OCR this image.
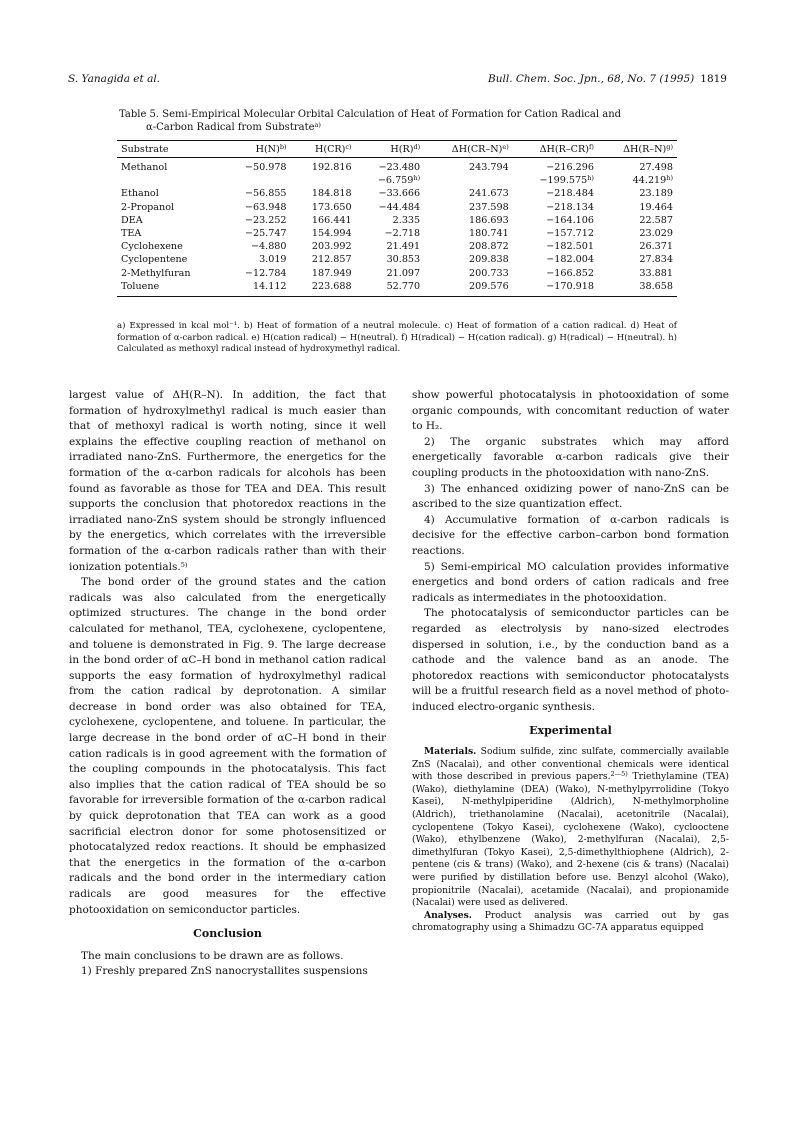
S. Yanagida et al.	Bull. Chem. Soc. Jpn., 68, No. 7 (1995) 1819
Table 5. Semi-Empirical Molecular Orbital Calculation of Heat of Formation for Cation Radical and
α-Carbon Radical from Substrate$^{a)}$
Substrate	$H(N)^{b)}$	H(CR)$^{c)}$	$H(R)^{d)}$	$\Delta H(CR-N)^{e)}$	$\Delta H(R-CR)^{f)}$	$\Delta H(R-N)^{g)}$
Methanol	−50.978	192.816	−23.480	243.794	−216.296	27.498
			$-6.759^{h)}$		$-199.575^{h)}$	44.219$^{h)}$
Ethanol	−56.855	184.818	−33.666	241.673	−218.484	23.189
2-Propanol	−63.948	173.650	−44.484	237.598	−218.134	19.464
DEA	−23.252	166.441	2.335	186.693	−164.106	22.587
TEA	−25.747	154.994	−2.718	180.741	−157.712	23.029
Cyclohexene	−4.880	203.992	21.491	208.872	−182.501	26.371
Cyclopentene	3.019	212.857	30.853	209.838	−182.004	27.834
2-Methylfuran	−12.784	187.949	21.097	200.733	−166.852	33.881
Toluene	14.112	223.688	52.770	209.576	−170.918	38.658

a) Expressed in kcal mol⁻¹. b) Heat of formation of a neutral molecule. c) Heat of formation of a cation radical. d) Heat of formation of α-carbon radical. e) H(cation radical) − H(neutral). f) H(radical) − H(cation radical). g) H(radical) − H(neutral). h) Calculated as methoxyl radical instead of hydroxymethyl radical.

largest value of ΔH(R–N). In addition, the fact that formation of hydroxylmethyl radical is much easier than that of methoxyl radical is worth noting, since it well explains the effective coupling reaction of methanol on irradiated nano-ZnS. Furthermore, the energetics for the formation of the α-carbon radicals for alcohols has been found as favorable as those for TEA and DEA. This result supports the conclusion that photoredox reactions in the irradiated nano-ZnS system should be strongly influenced by the energetics, which correlates with the irreversible formation of the α-carbon radicals rather than with their ionization potentials.$^{5)}$

The bond order of the ground states and the cation radicals was also calculated from the energetically optimized structures. The change in the bond order calculated for methanol, TEA, cyclohexene, cyclopentene, and toluene is demonstrated in Fig. 9. The large decrease in the bond order of αC–H bond in methanol cation radical supports the easy formation of hydroxylmethyl radical from the cation radical by deprotonation. A similar decrease in bond order was also obtained for TEA, cyclohexene, cyclopentene, and toluene. In particular, the large decrease in the bond order of αC–H bond in their cation radicals is in good agreement with the formation of the coupling compounds in the photocatalysis. This fact also implies that the cation radical of TEA should be so favorable for irreversible formation of the α-carbon radical by quick deprotonation that TEA can work as a good sacrificial electron donor for some photosensitized or photocatalyzed redox reactions. It should be emphasized that the energetics in the formation of the α-carbon radicals and the bond order in the intermediary cation radicals are good measures for the effective photooxidation on semiconductor particles.

Conclusion

The main conclusions to be drawn are as follows.

1) Freshly prepared ZnS nanocrystallites suspensions

show powerful photocatalysis in photooxidation of some organic compounds, with concomitant reduction of water to H₂.

2) The organic substrates which may afford energetically favorable α-carbon radicals give their coupling products in the photooxidation with nano-ZnS.

3) The enhanced oxidizing power of nano-ZnS can be ascribed to the size quantization effect.

4) Accumulative formation of α-carbon radicals is decisive for the effective carbon–carbon bond formation reactions.

5) Semi-empirical MO calculation provides informative energetics and bond orders of cation radicals and free radicals as intermediates in the photooxidation.

The photocatalysis of semiconductor particles can be regarded as electrolysis by nano-sized electrodes dispersed in solution, i.e., by the conduction band as a cathode and the valence band as an anode. The photoredox reactions with semiconductor photocatalysts will be a fruitful research field as a novel method of photo-induced electro-organic synthesis.

Experimental

Materials. Sodium sulfide, zinc sulfate, commercially available ZnS (Nacalai), and other conventional chemicals were identical with those described in previous papers.$^{2—5)}$ Triethylamine (TEA) (Wako), diethylamine (DEA) (Wako), N-methylpyrrolidine (Tokyo Kasei), N-methylpiperidine (Aldrich), N-methylmorpholine (Aldrich), triethanolamine (Nacalai), acetonitrile (Nacalai), cyclopentene (Tokyo Kasei), cyclohexene (Wako), cyclooctene (Wako), ethylbenzene (Wako), 2-methylfuran (Nacalai), 2,5-dimethylfuran (Tokyo Kasei), 2,5-dimethylthiophene (Aldrich), 2-pentene (cis & trans) (Wako), and 2-hexene (cis & trans) (Nacalai) were purified by distillation before use. Benzyl alcohol (Wako), propionitrile (Nacalai), acetamide (Nacalai), and propionamide (Nacalai) were used as delivered.

Analyses. Product analysis was carried out by gas chromatography using a Shimadzu GC-7A apparatus equipped
